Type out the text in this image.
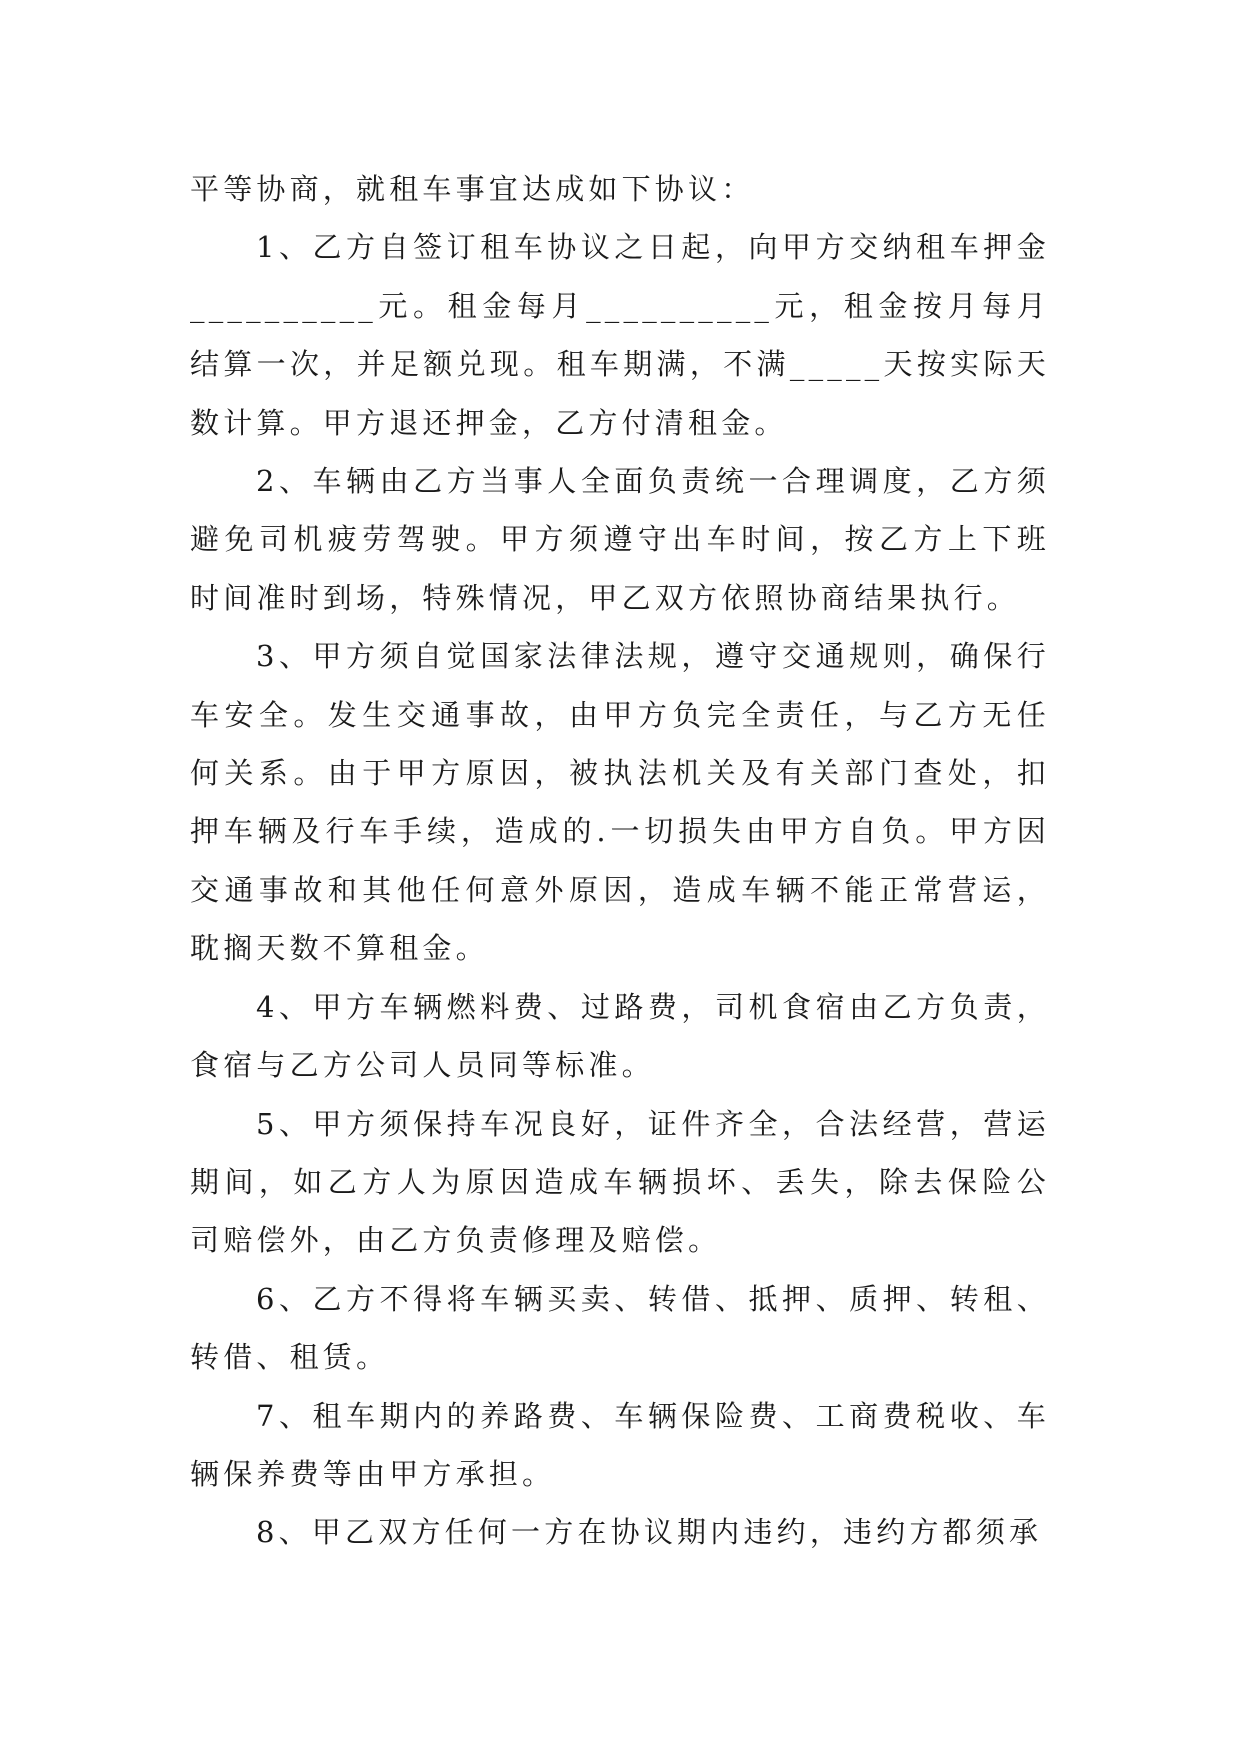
平等协商，就租车事宜达成如下协议：

1、乙方自签订租车协议之日起，向甲方交纳租车押金__________元。租金每月__________元，租金按月每月结算一次，并足额兑现。租车期满，不满_____天按实际天数计算。甲方退还押金，乙方付清租金。

2、车辆由乙方当事人全面负责统一合理调度，乙方须避免司机疲劳驾驶。甲方须遵守出车时间，按乙方上下班时间准时到场，特殊情况，甲乙双方依照协商结果执行。

3、甲方须自觉国家法律法规，遵守交通规则，确保行车安全。发生交通事故，由甲方负完全责任，与乙方无任何关系。由于甲方原因，被执法机关及有关部门查处，扣押车辆及行车手续，造成的.一切损失由甲方自负。甲方因交通事故和其他任何意外原因，造成车辆不能正常营运，耽搁天数不算租金。

4、甲方车辆燃料费、过路费，司机食宿由乙方负责，食宿与乙方公司人员同等标准。

5、甲方须保持车况良好，证件齐全，合法经营，营运期间，如乙方人为原因造成车辆损坏、丢失，除去保险公司赔偿外，由乙方负责修理及赔偿。

6、乙方不得将车辆买卖、转借、抵押、质押、转租、转借、租赁。

7、租车期内的养路费、车辆保险费、工商费税收、车辆保养费等由甲方承担。

8、甲乙双方任何一方在协议期内违约，违约方都须承
